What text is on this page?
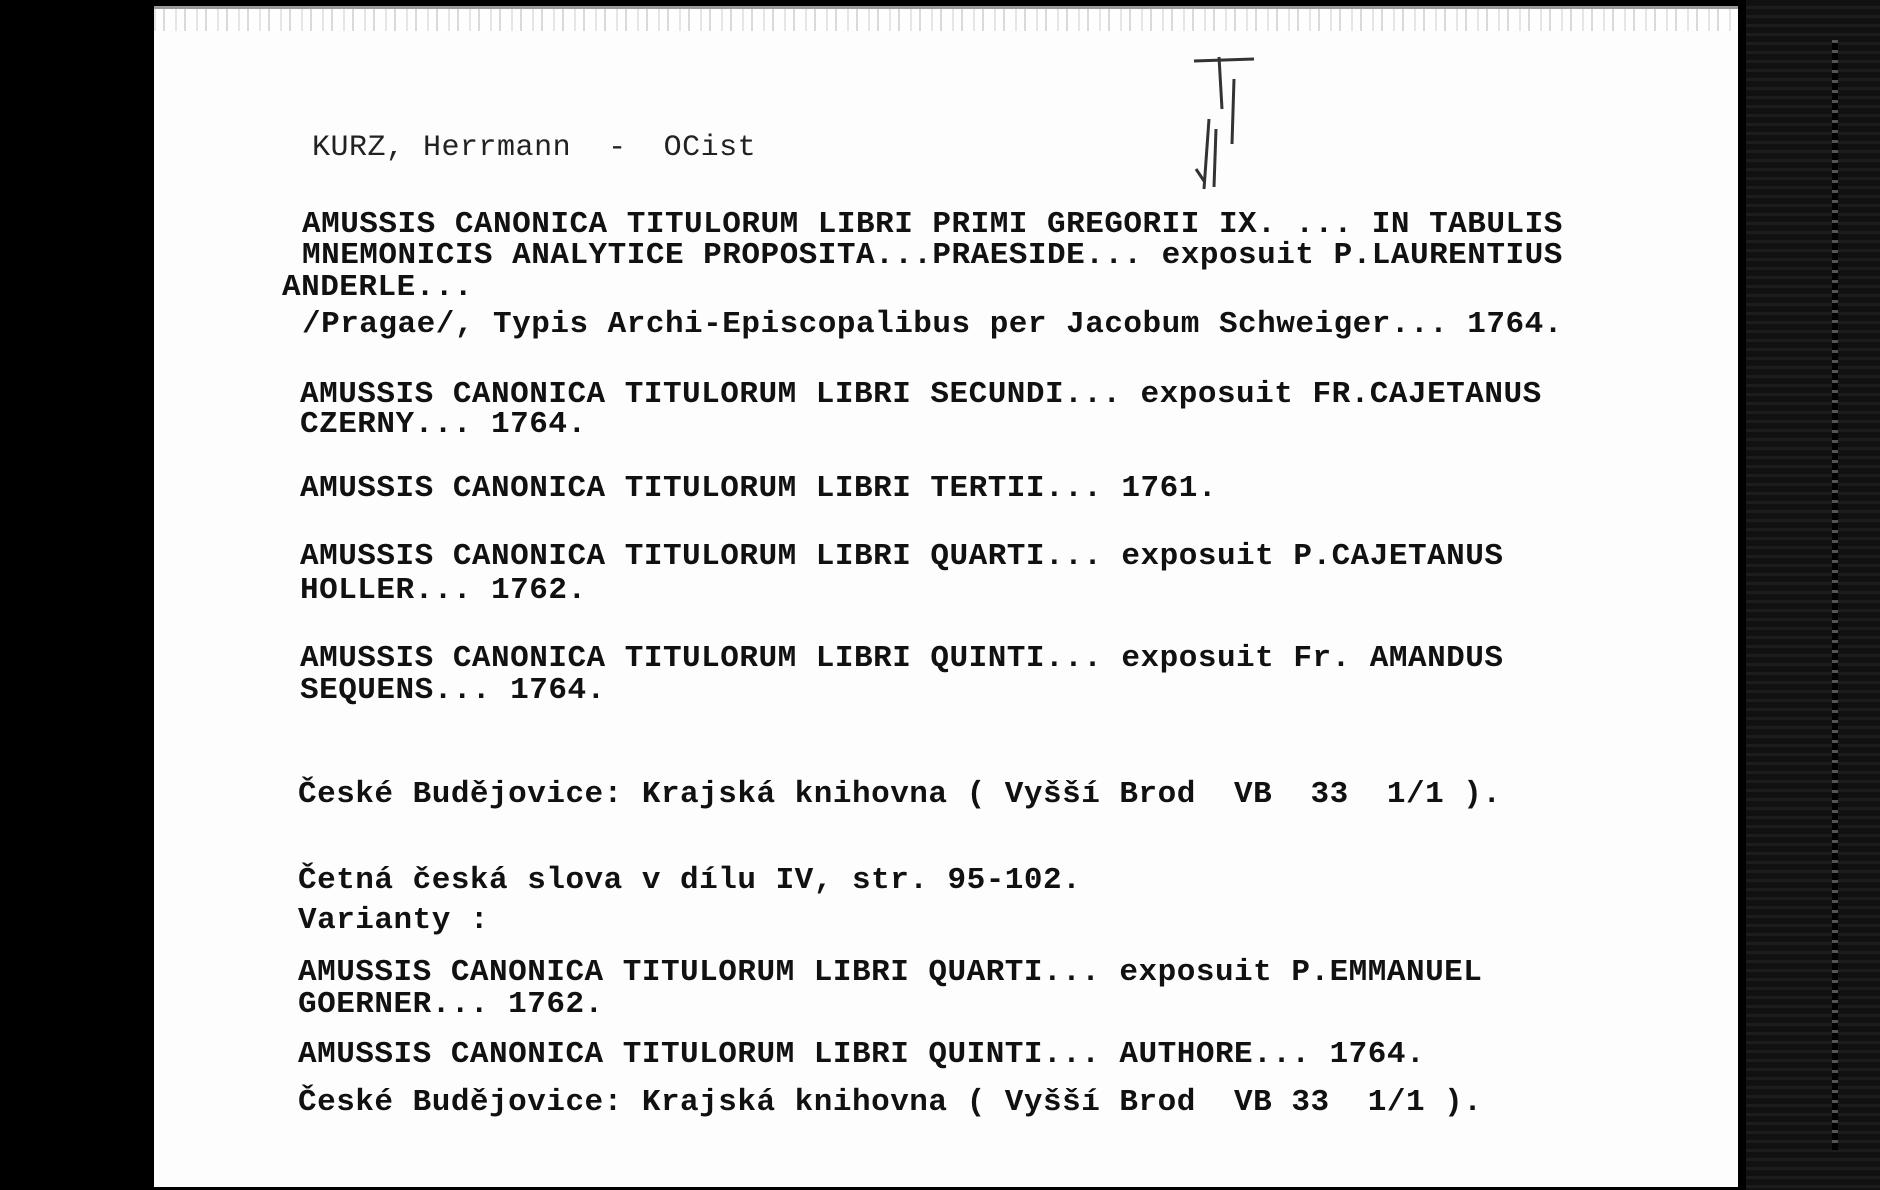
KURZ, Herrmann - OCist
AMUSSIS CANONICA TITULORUM LIBRI PRIMI GREGORII IX. ... IN TABULIS
MNEMONICIS ANALYTICE PROPOSITA...PRAESIDE... exposuit P.LAURENTIUS
ANDERLE...
/Pragae/, Typis Archi-Episcopalibus per Jacobum Schweiger... 1764.
AMUSSIS CANONICA TITULORUM LIBRI SECUNDI... exposuit FR.CAJETANUS
CZERNY... 1764.
AMUSSIS CANONICA TITULORUM LIBRI TERTII... 1761.
AMUSSIS CANONICA TITULORUM LIBRI QUARTI... exposuit P.CAJETANUS
HOLLER... 1762.
AMUSSIS CANONICA TITULORUM LIBRI QUINTI... exposuit Fr. AMANDUS
SEQUENS... 1764.
České Budějovice: Krajská knihovna ( Vyšší Brod  VB  33  1/1 ).
Četná česká slova v dílu IV, str. 95-102.
Varianty :
AMUSSIS CANONICA TITULORUM LIBRI QUARTI... exposuit P.EMMANUEL
GOERNER... 1762.
AMUSSIS CANONICA TITULORUM LIBRI QUINTI... AUTHORE... 1764.
České Budějovice: Krajská knihovna ( Vyšší Brod  VB 33  1/1 ).
